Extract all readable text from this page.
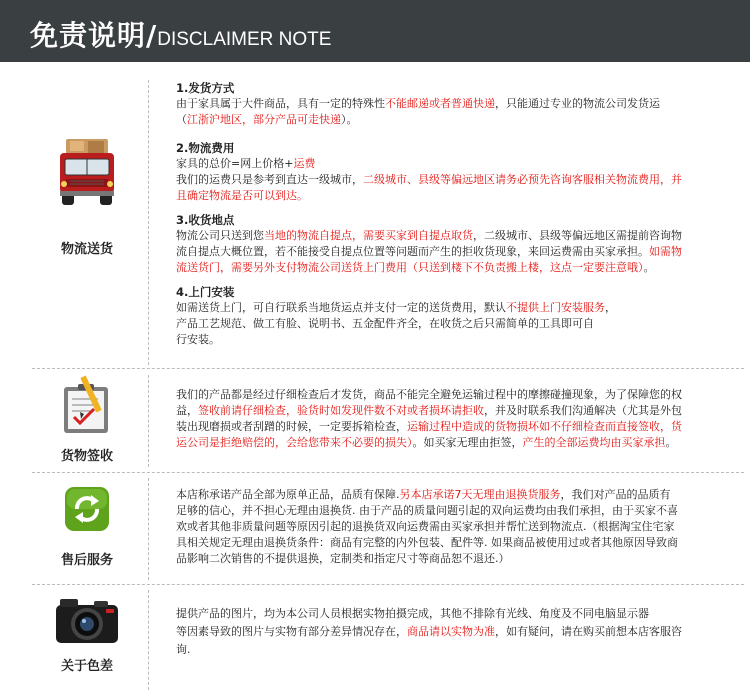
免责说明/DISCLAIMER NOTE
物流送货

1.发货方式

由于家具属于大件商品，具有一定的特殊性不能邮递或者普通快递，只能通过专业的物流公司发货运

（江浙沪地区，部分产品可走快递）。

2.物流费用

家具的总价=网上价格+运费

我们的运费只是参考到直达一级城市，二级城市、县级等偏远地区请务必预先咨询客服相关物流费用，并

且确定物流是否可以到达。

3.收货地点

物流公司只送到您当地的物流自提点，需要买家到自提点取货，二级城市、县级等偏远地区需提前咨询物

流自提点大概位置，若不能接受自提点位置等问题而产生的拒收货现象，来回运费需由买家承担。如需物

流送货门，需要另外支付物流公司送货上门费用（只送到楼下不负责搬上楼，这点一定要注意哦）。

4.上门安装

如需送货上门，可自行联系当地货运点并支付一定的送货费用，默认不提供上门安装服务，

产品工艺规范、做工有脸、说明书、五金配件齐全，在收货之后只需简单的工具即可自

行安装。

货物签收

我们的产品都是经过仔细检查后才发货，商品不能完全避免运输过程中的摩擦碰撞现象，为了保障您的权

益，签收前请仔细检查，验货时如发现件数不对或者损坏请拒收，并及时联系我们沟通解决（尤其是外包

装出现磨损或者刮蹭的时候，一定要拆箱检查，运输过程中造成的货物损坏如不仔细检查而直接签收，货

运公司是拒绝赔偿的，会给您带来不必要的损失）。如买家无理由拒签，产生的全部运费均由买家承担。

售后服务

本店称承诺产品全部为原单正品，品质有保障.另本店承诺7天无理由退换货服务，我们对产品的品质有

足够的信心，并不担心无理由退换货. 由于产品的质量问题引起的双向运费均由我们承担，由于买家不喜

欢或者其他非质量问题等原因引起的退换货双向运费需由买家承担并帮忙送到物流点.（根据淘宝住宅家

具相关规定无理由退换货条件：商品有完整的内外包装、配件等. 如果商品被使用过或者其他原因导致商

品影响二次销售的不提供退换，定制类和指定尺寸等商品恕不退还.）

关于色差

提供产品的图片，均为本公司人员根据实物拍摄完成，其他不排除有光线、角度及不同电脑显示器

等因素导致的图片与实物有部分差异情况存在，商品请以实物为准，如有疑问，请在购买前想本店客服咨

询.
